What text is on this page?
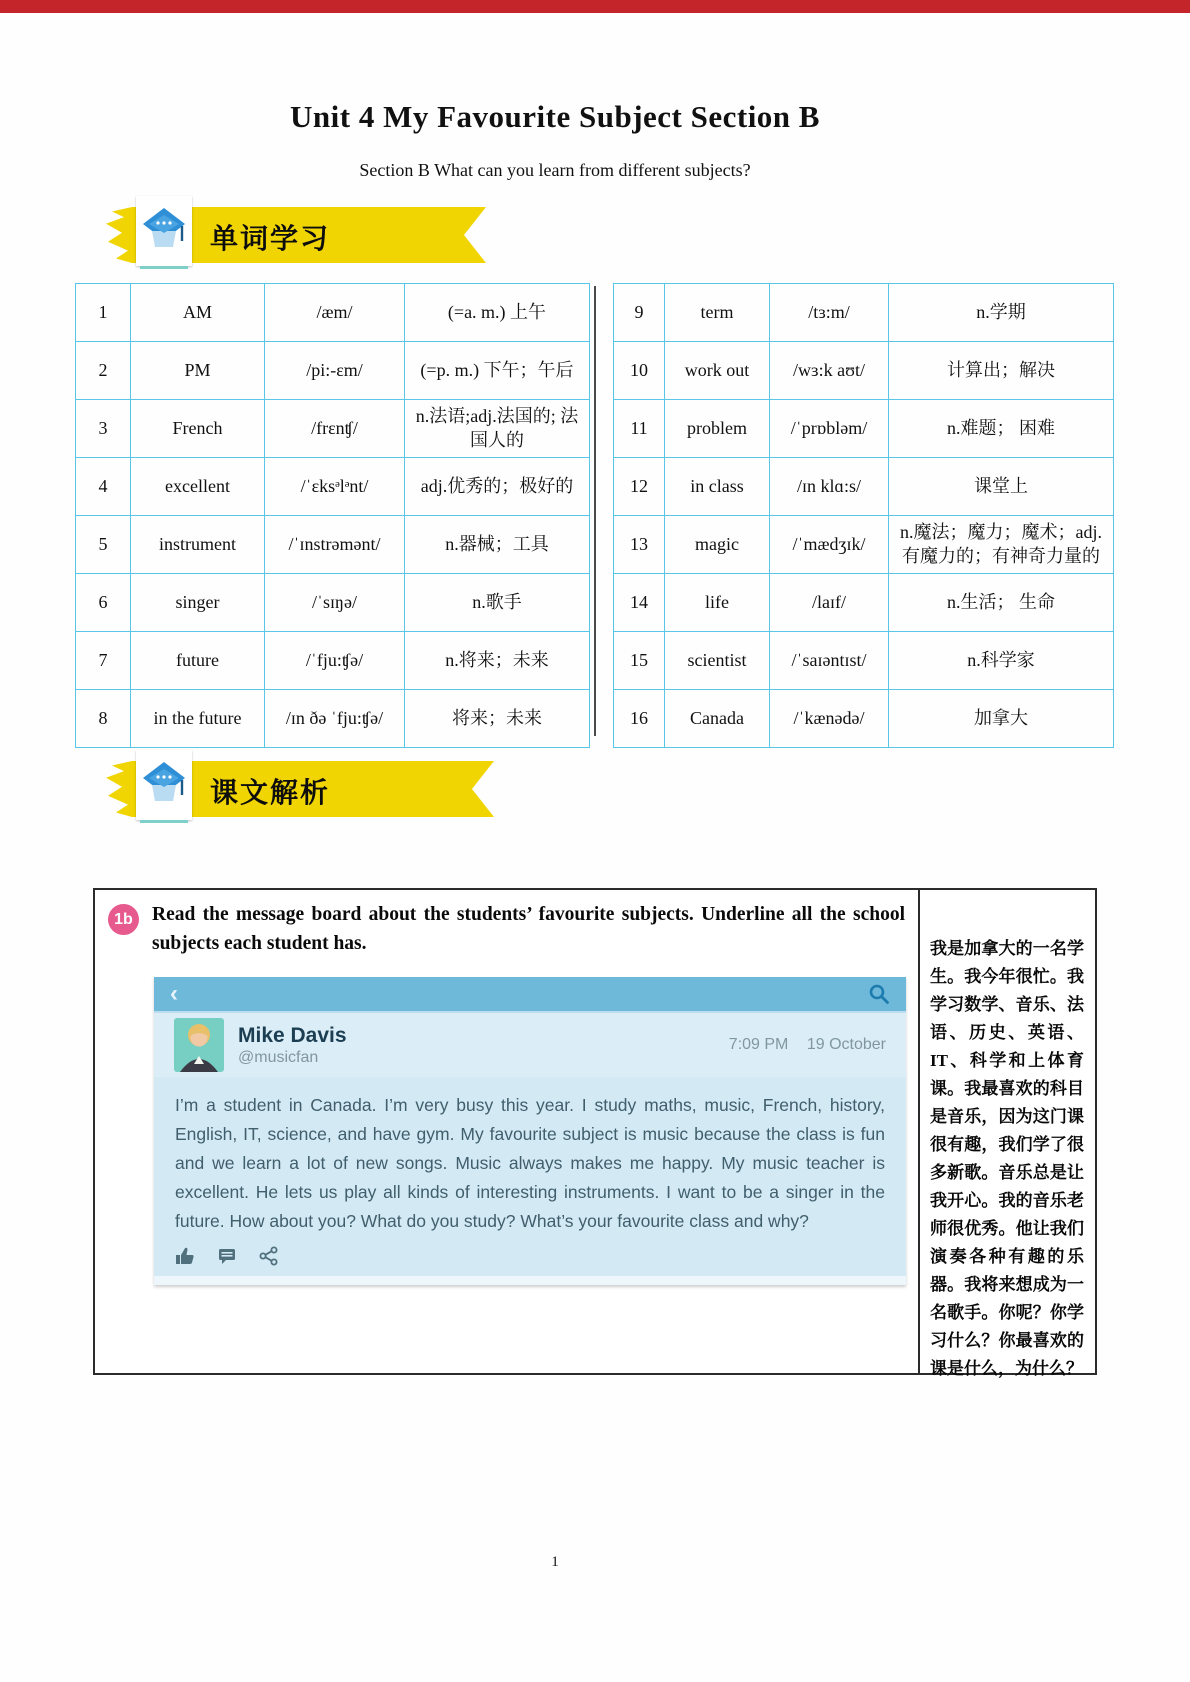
Unit 4 My Favourite Subject Section B
Section B What can you learn from different subjects?
单词学习
1	AM	/æm/	(=a. m.) 上午
2	PM	/pi:-ɛm/	(=p. m.) 下午；午后
3	French	/frɛnʧ/	n.法语;adj.法国的; 法国人的
4	excellent	/ˈɛksᵊlᵊnt/	adj.优秀的；极好的
5	instrument	/ˈɪnstrəmənt/	n.器械；工具
6	singer	/ˈsɪŋə/	n.歌手
7	future	/ˈfju:ʧə/	n.将来；未来
8	in the future	/ɪn ðə ˈfju:ʧə/	将来；未来
9	term	/tɜ:m/	n.学期
10	work out	/wɜ:k aʊt/	计算出；解决
11	problem	/ˈprɒbləm/	n.难题； 困难
12	in class	/ɪn klɑ:s/	课堂上
13	magic	/ˈmædʒɪk/	n.魔法；魔力；魔术；adj. 有魔力的；有神奇力量的
14	life	/laɪf/	n.生活； 生命
15	scientist	/ˈsaɪəntɪst/	n.科学家
16	Canada	/ˈkænədə/	加拿大
课文解析
1b Read the message board about the students’ favourite subjects. Underline all the school subjects each student has.
‹
Mike Davis
@musicfan
7:09 PM 19 October
I’m a student in Canada. I’m very busy this year. I study maths, music, French, history, English, IT, science, and have gym. My favourite subject is music because the class is fun and we learn a lot of new songs. Music always makes me happy. My music teacher is excellent. He lets us play all kinds of interesting instruments. I want to be a singer in the future. How about you? What do you study? What’s your favourite class and why?
我是加拿大的一名学生。我今年很忙。我学习数学、音乐、法语、历史、英语、IT、科学和上体育课。我最喜欢的科目是音乐，因为这门课很有趣，我们学了很多新歌。音乐总是让我开心。我的音乐老师很优秀。他让我们演奏各种有趣的乐器。我将来想成为一名歌手。你呢？你学习什么？你最喜欢的课是什么，为什么？
1
